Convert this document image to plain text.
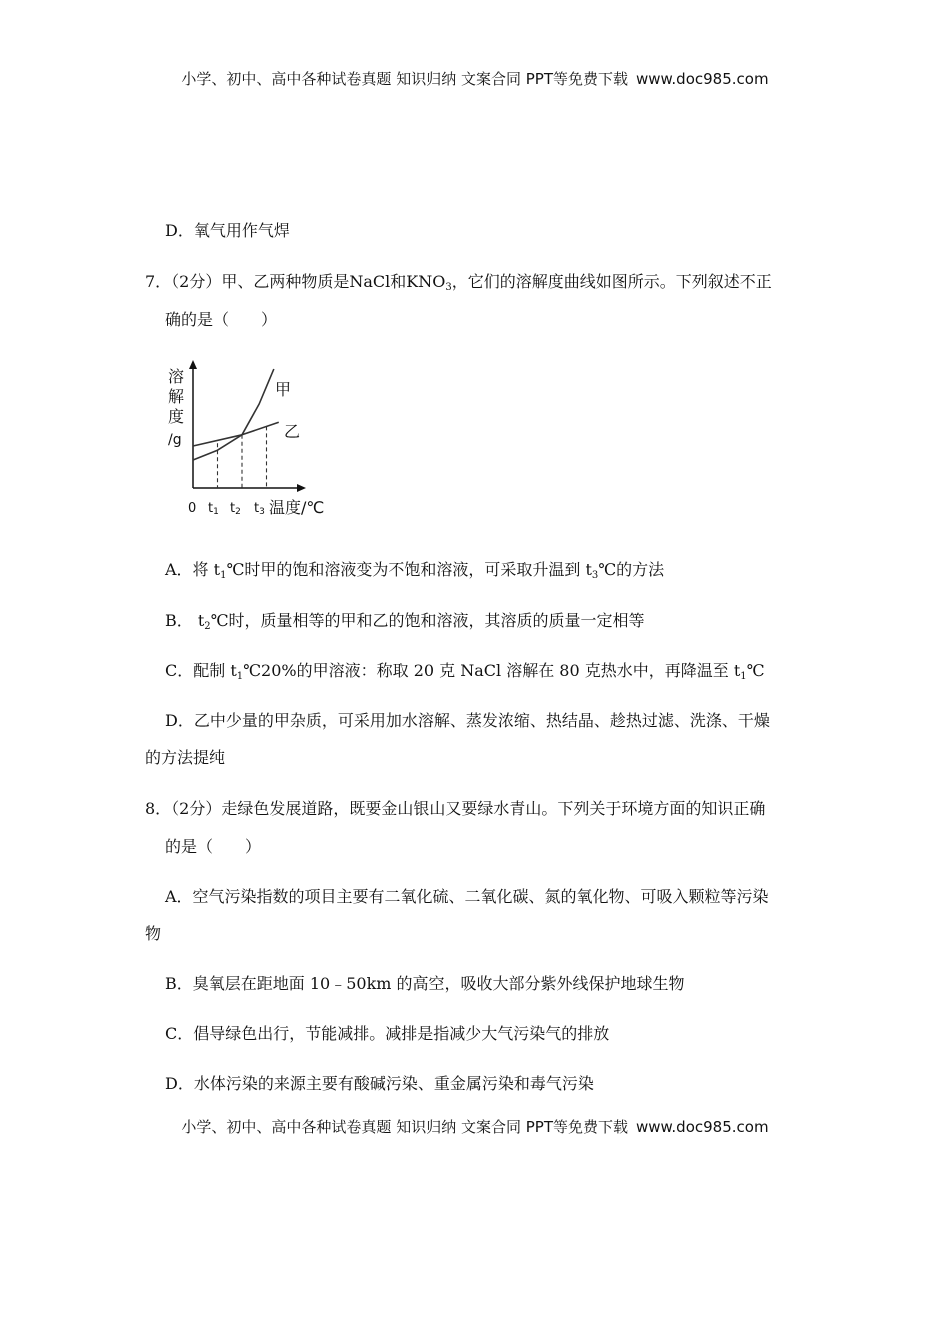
小学、初中、高中各种试卷真题 知识归纳 文案合同 PPT等免费下载 www.doc985.com
D．氧气用作气焊
7．（2分）甲、乙两种物质是NaCl和$KNO_3$，它们的溶解度曲线如图所示。下列叙述不正
确的是（　　）
溶
解
度
/g
甲
乙
0 t1 t2 t3 温度/℃
A．将 $t_1℃$时甲的饱和溶液变为不饱和溶液，可采取升温到 $t_3℃$的方法
B． $t_2℃$时，质量相等的甲和乙的饱和溶液，其溶质的质量一定相等
C．配制 $t_1℃20\%$的甲溶液：称取 20 克 NaCl 溶解在 80 克热水中，再降温至 $t_1℃$
D．乙中少量的甲杂质，可采用加水溶解、蒸发浓缩、热结晶、趁热过滤、洗涤、干燥
的方法提纯
8．（2分）走绿色发展道路，既要金山银山又要绿水青山。下列关于环境方面的知识正确
的是（　　）
A．空气污染指数的项目主要有二氧化硫、二氧化碳、氮的氧化物、可吸入颗粒等污染
物
B．臭氧层在距地面 10﹣50km 的高空，吸收大部分紫外线保护地球生物
C．倡导绿色出行，节能减排。减排是指减少大气污染气的排放
D．水体污染的来源主要有酸碱污染、重金属污染和毒气污染
小学、初中、高中各种试卷真题 知识归纳 文案合同 PPT等免费下载 www.doc985.com
